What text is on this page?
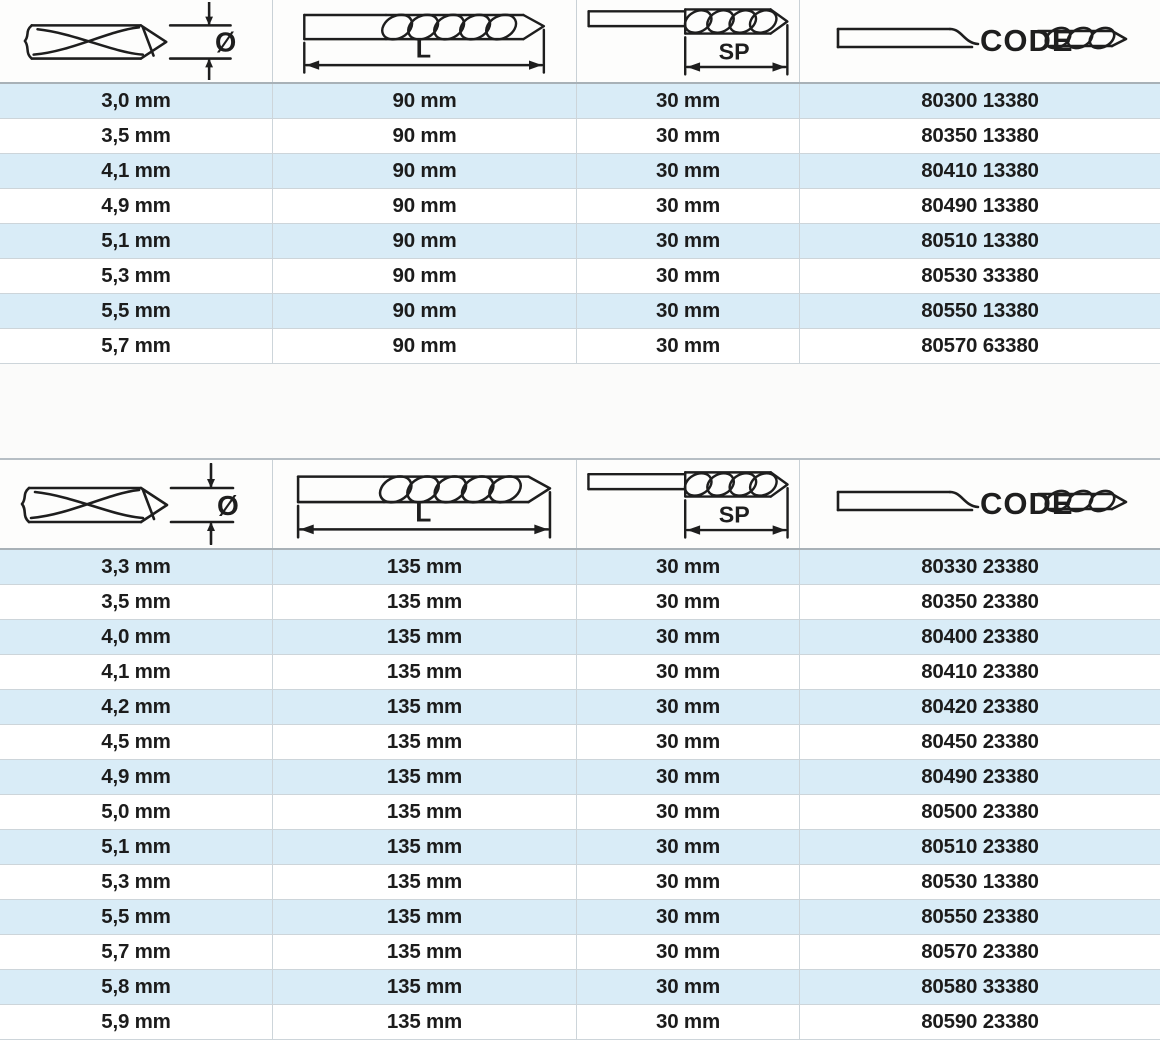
Ø	L	SP	CODE
3,0 mm	90 mm	30 mm	80300 13380
3,5 mm	90 mm	30 mm	80350 13380
4,1 mm	90 mm	30 mm	80410 13380
4,9 mm	90 mm	30 mm	80490 13380
5,1 mm	90 mm	30 mm	80510 13380
5,3 mm	90 mm	30 mm	80530 33380
5,5 mm	90 mm	30 mm	80550 13380
5,7 mm	90 mm	30 mm	80570 63380
Ø	L	SP	CODE
3,3 mm	135 mm	30 mm	80330 23380
3,5 mm	135 mm	30 mm	80350 23380
4,0 mm	135 mm	30 mm	80400 23380
4,1 mm	135 mm	30 mm	80410 23380
4,2 mm	135 mm	30 mm	80420 23380
4,5 mm	135 mm	30 mm	80450 23380
4,9 mm	135 mm	30 mm	80490 23380
5,0 mm	135 mm	30 mm	80500 23380
5,1 mm	135 mm	30 mm	80510 23380
5,3 mm	135 mm	30 mm	80530 13380
5,5 mm	135 mm	30 mm	80550 23380
5,7 mm	135 mm	30 mm	80570 23380
5,8 mm	135 mm	30 mm	80580 33380
5,9 mm	135 mm	30 mm	80590 23380
